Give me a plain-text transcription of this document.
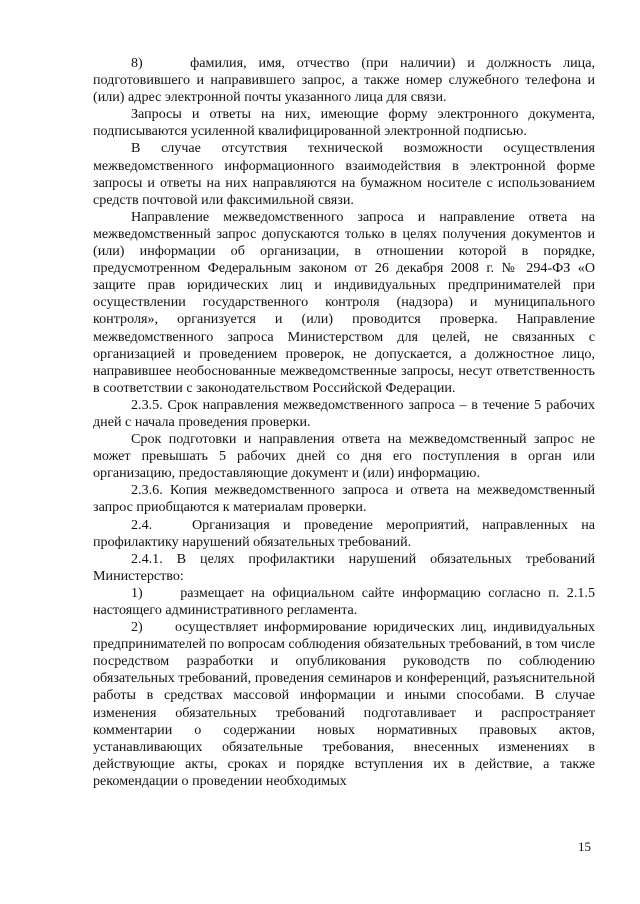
8)    фамилия, имя, отчество (при наличии) и должность лица, подготовившего и направившего запрос, а также номер служебного телефона и (или) адрес электронной почты указанного лица для связи.

Запросы и ответы на них, имеющие форму электронного документа, подписываются усиленной квалифицированной электронной подписью.

В случае отсутствия технической возможности осуществления межведомственного информационного взаимодействия в электронной форме запросы и ответы на них направляются на бумажном носителе с использованием средств почтовой или факсимильной связи.

Направление межведомственного запроса и направление ответа на межведомственный запрос допускаются только в целях получения документов и (или) информации об организации, в отношении которой в порядке, предусмотренном Федеральным законом от 26 декабря 2008 г. № 294-ФЗ «О защите прав юридических лиц и индивидуальных предпринимателей при осуществлении государственного контроля (надзора) и муниципального контроля», организуется и (или) проводится проверка. Направление межведомственного запроса Министерством для целей, не связанных с организацией и проведением проверок, не допускается, а должностное лицо, направившее необоснованные межведомственные запросы, несут ответственность в соответствии с законодательством Российской Федерации.

2.3.5. Срок направления межведомственного запроса – в течение 5 рабочих дней с начала проведения проверки.

Срок подготовки и направления ответа на межведомственный запрос не может превышать 5 рабочих дней со дня его поступления в орган или организацию, предоставляющие документ и (или) информацию.

2.3.6. Копия межведомственного запроса и ответа на межведомственный запрос приобщаются к материалам проверки.

2.4.   Организация и проведение мероприятий, направленных на профилактику нарушений обязательных требований.

2.4.1. В целях профилактики нарушений обязательных требований Министерство:

1)     размещает на официальном сайте информацию согласно п. 2.1.5 настоящего административного регламента.

2)     осуществляет информирование юридических лиц, индивидуальных предпринимателей по вопросам соблюдения обязательных требований, в том числе посредством разработки и опубликования руководств по соблюдению обязательных требований, проведения семинаров и конференций, разъяснительной работы в средствах массовой информации и иными способами. В случае изменения обязательных требований подготавливает и распространяет комментарии о содержании новых нормативных правовых актов, устанавливающих обязательные требования, внесенных изменениях в действующие акты, сроках и порядке вступления их в действие, а также рекомендации о проведении необходимых

15
